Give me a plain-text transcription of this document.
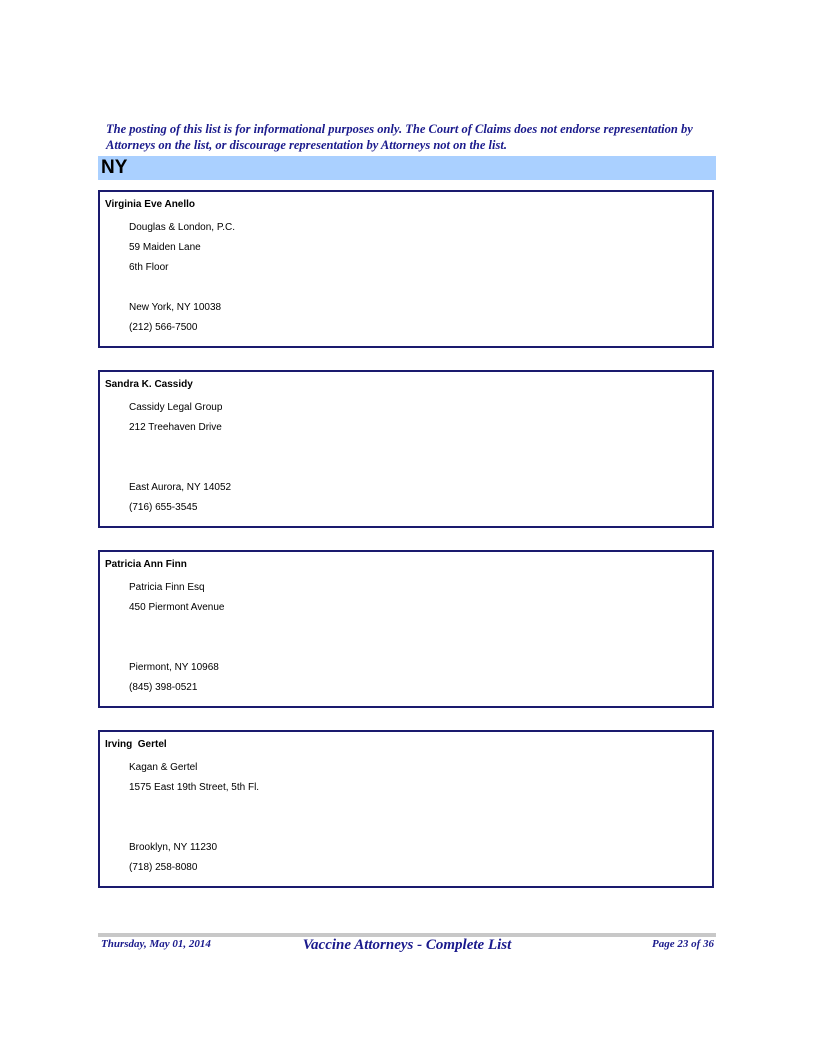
The posting of this list is for informational purposes only. The Court of Claims does not endorse representation by Attorneys on the list, or discourage representation by Attorneys not on the list.

NY
Virginia Eve Anello
Douglas & London, P.C.
59 Maiden Lane
6th Floor
New York, NY 10038
(212) 566-7500
Sandra K. Cassidy
Cassidy Legal Group
212 Treehaven Drive
East Aurora, NY 14052
(716) 655-3545
Patricia Ann Finn
Patricia Finn Esq
450 Piermont Avenue
Piermont, NY 10968
(845) 398-0521
Irving  Gertel
Kagan & Gertel
1575 East 19th Street, 5th Fl.
Brooklyn, NY 11230
(718) 258-8080
Thursday, May 01, 2014	Vaccine Attorneys - Complete List	Page 23 of 36
